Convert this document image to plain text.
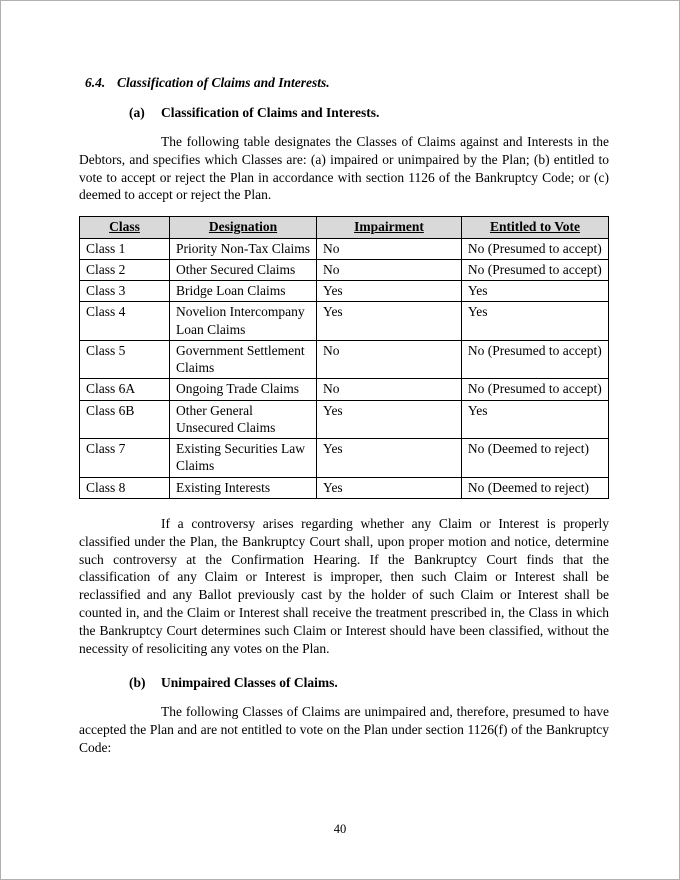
6.4. Classification of Claims and Interests.
(a) Classification of Claims and Interests.

The following table designates the Classes of Claims against and Interests in the Debtors, and specifies which Classes are: (a) impaired or unimpaired by the Plan; (b) entitled to vote to accept or reject the Plan in accordance with section 1126 of the Bankruptcy Code; or (c) deemed to accept or reject the Plan.

Class	Designation	Impairment	Entitled to Vote
Class 1	Priority Non-Tax Claims	No	No (Presumed to accept)
Class 2	Other Secured Claims	No	No (Presumed to accept)
Class 3	Bridge Loan Claims	Yes	Yes
Class 4	Novelion Intercompany Loan Claims	Yes	Yes
Class 5	Government Settlement Claims	No	No (Presumed to accept)
Class 6A	Ongoing Trade Claims	No	No (Presumed to accept)
Class 6B	Other General Unsecured Claims	Yes	Yes
Class 7	Existing Securities Law Claims	Yes	No (Deemed to reject)
Class 8	Existing Interests	Yes	No (Deemed to reject)

If a controversy arises regarding whether any Claim or Interest is properly classified under the Plan, the Bankruptcy Court shall, upon proper motion and notice, determine such controversy at the Confirmation Hearing. If the Bankruptcy Court finds that the classification of any Claim or Interest is improper, then such Claim or Interest shall be reclassified and any Ballot previously cast by the holder of such Claim or Interest shall be counted in, and the Claim or Interest shall receive the treatment prescribed in, the Class in which the Bankruptcy Court determines such Claim or Interest should have been classified, without the necessity of resoliciting any votes on the Plan.

(b) Unimpaired Classes of Claims.

The following Classes of Claims are unimpaired and, therefore, presumed to have accepted the Plan and are not entitled to vote on the Plan under section 1126(f) of the Bankruptcy Code:

40
